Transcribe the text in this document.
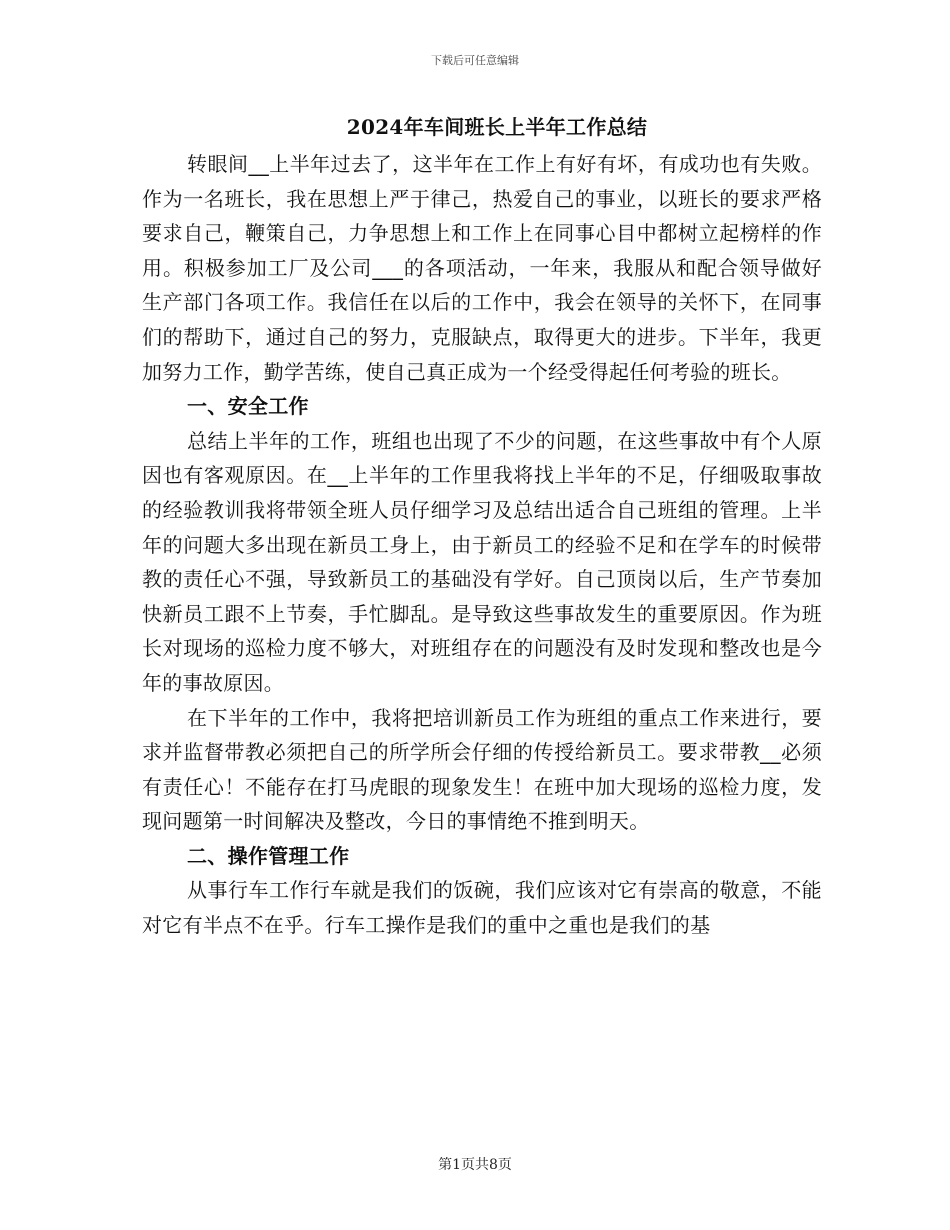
下载后可任意编辑
2024年车间班长上半年工作总结

转眼间__上半年过去了，这半年在工作上有好有坏，有成功也有失败。作为一名班长，我在思想上严于律己，热爱自己的事业，以班长的要求严格要求自己，鞭策自己，力争思想上和工作上在同事心目中都树立起榜样的作用。积极参加工厂及公司___的各项活动，一年来，我服从和配合领导做好生产部门各项工作。我信任在以后的工作中，我会在领导的关怀下，在同事们的帮助下，通过自己的努力，克服缺点，取得更大的进步。下半年，我更加努力工作，勤学苦练，使自己真正成为一个经受得起任何考验的班长。

一、安全工作

总结上半年的工作，班组也出现了不少的问题，在这些事故中有个人原因也有客观原因。在__上半年的工作里我将找上半年的不足，仔细吸取事故的经验教训我将带领全班人员仔细学习及总结出适合自己班组的管理。上半年的问题大多出现在新员工身上，由于新员工的经验不足和在学车的时候带教的责任心不强，导致新员工的基础没有学好。自己顶岗以后，生产节奏加快新员工跟不上节奏，手忙脚乱。是导致这些事故发生的重要原因。作为班长对现场的巡检力度不够大，对班组存在的问题没有及时发现和整改也是今年的事故原因。

在下半年的工作中，我将把培训新员工作为班组的重点工作来进行，要求并监督带教必须把自己的所学所会仔细的传授给新员工。要求带教__必须有责任心！不能存在打马虎眼的现象发生！在班中加大现场的巡检力度，发现问题第一时间解决及整改，今日的事情绝不推到明天。

二、操作管理工作

从事行车工作行车就是我们的饭碗，我们应该对它有崇高的敬意，不能对它有半点不在乎。行车工操作是我们的重中之重也是我们的基

第1页共8页
